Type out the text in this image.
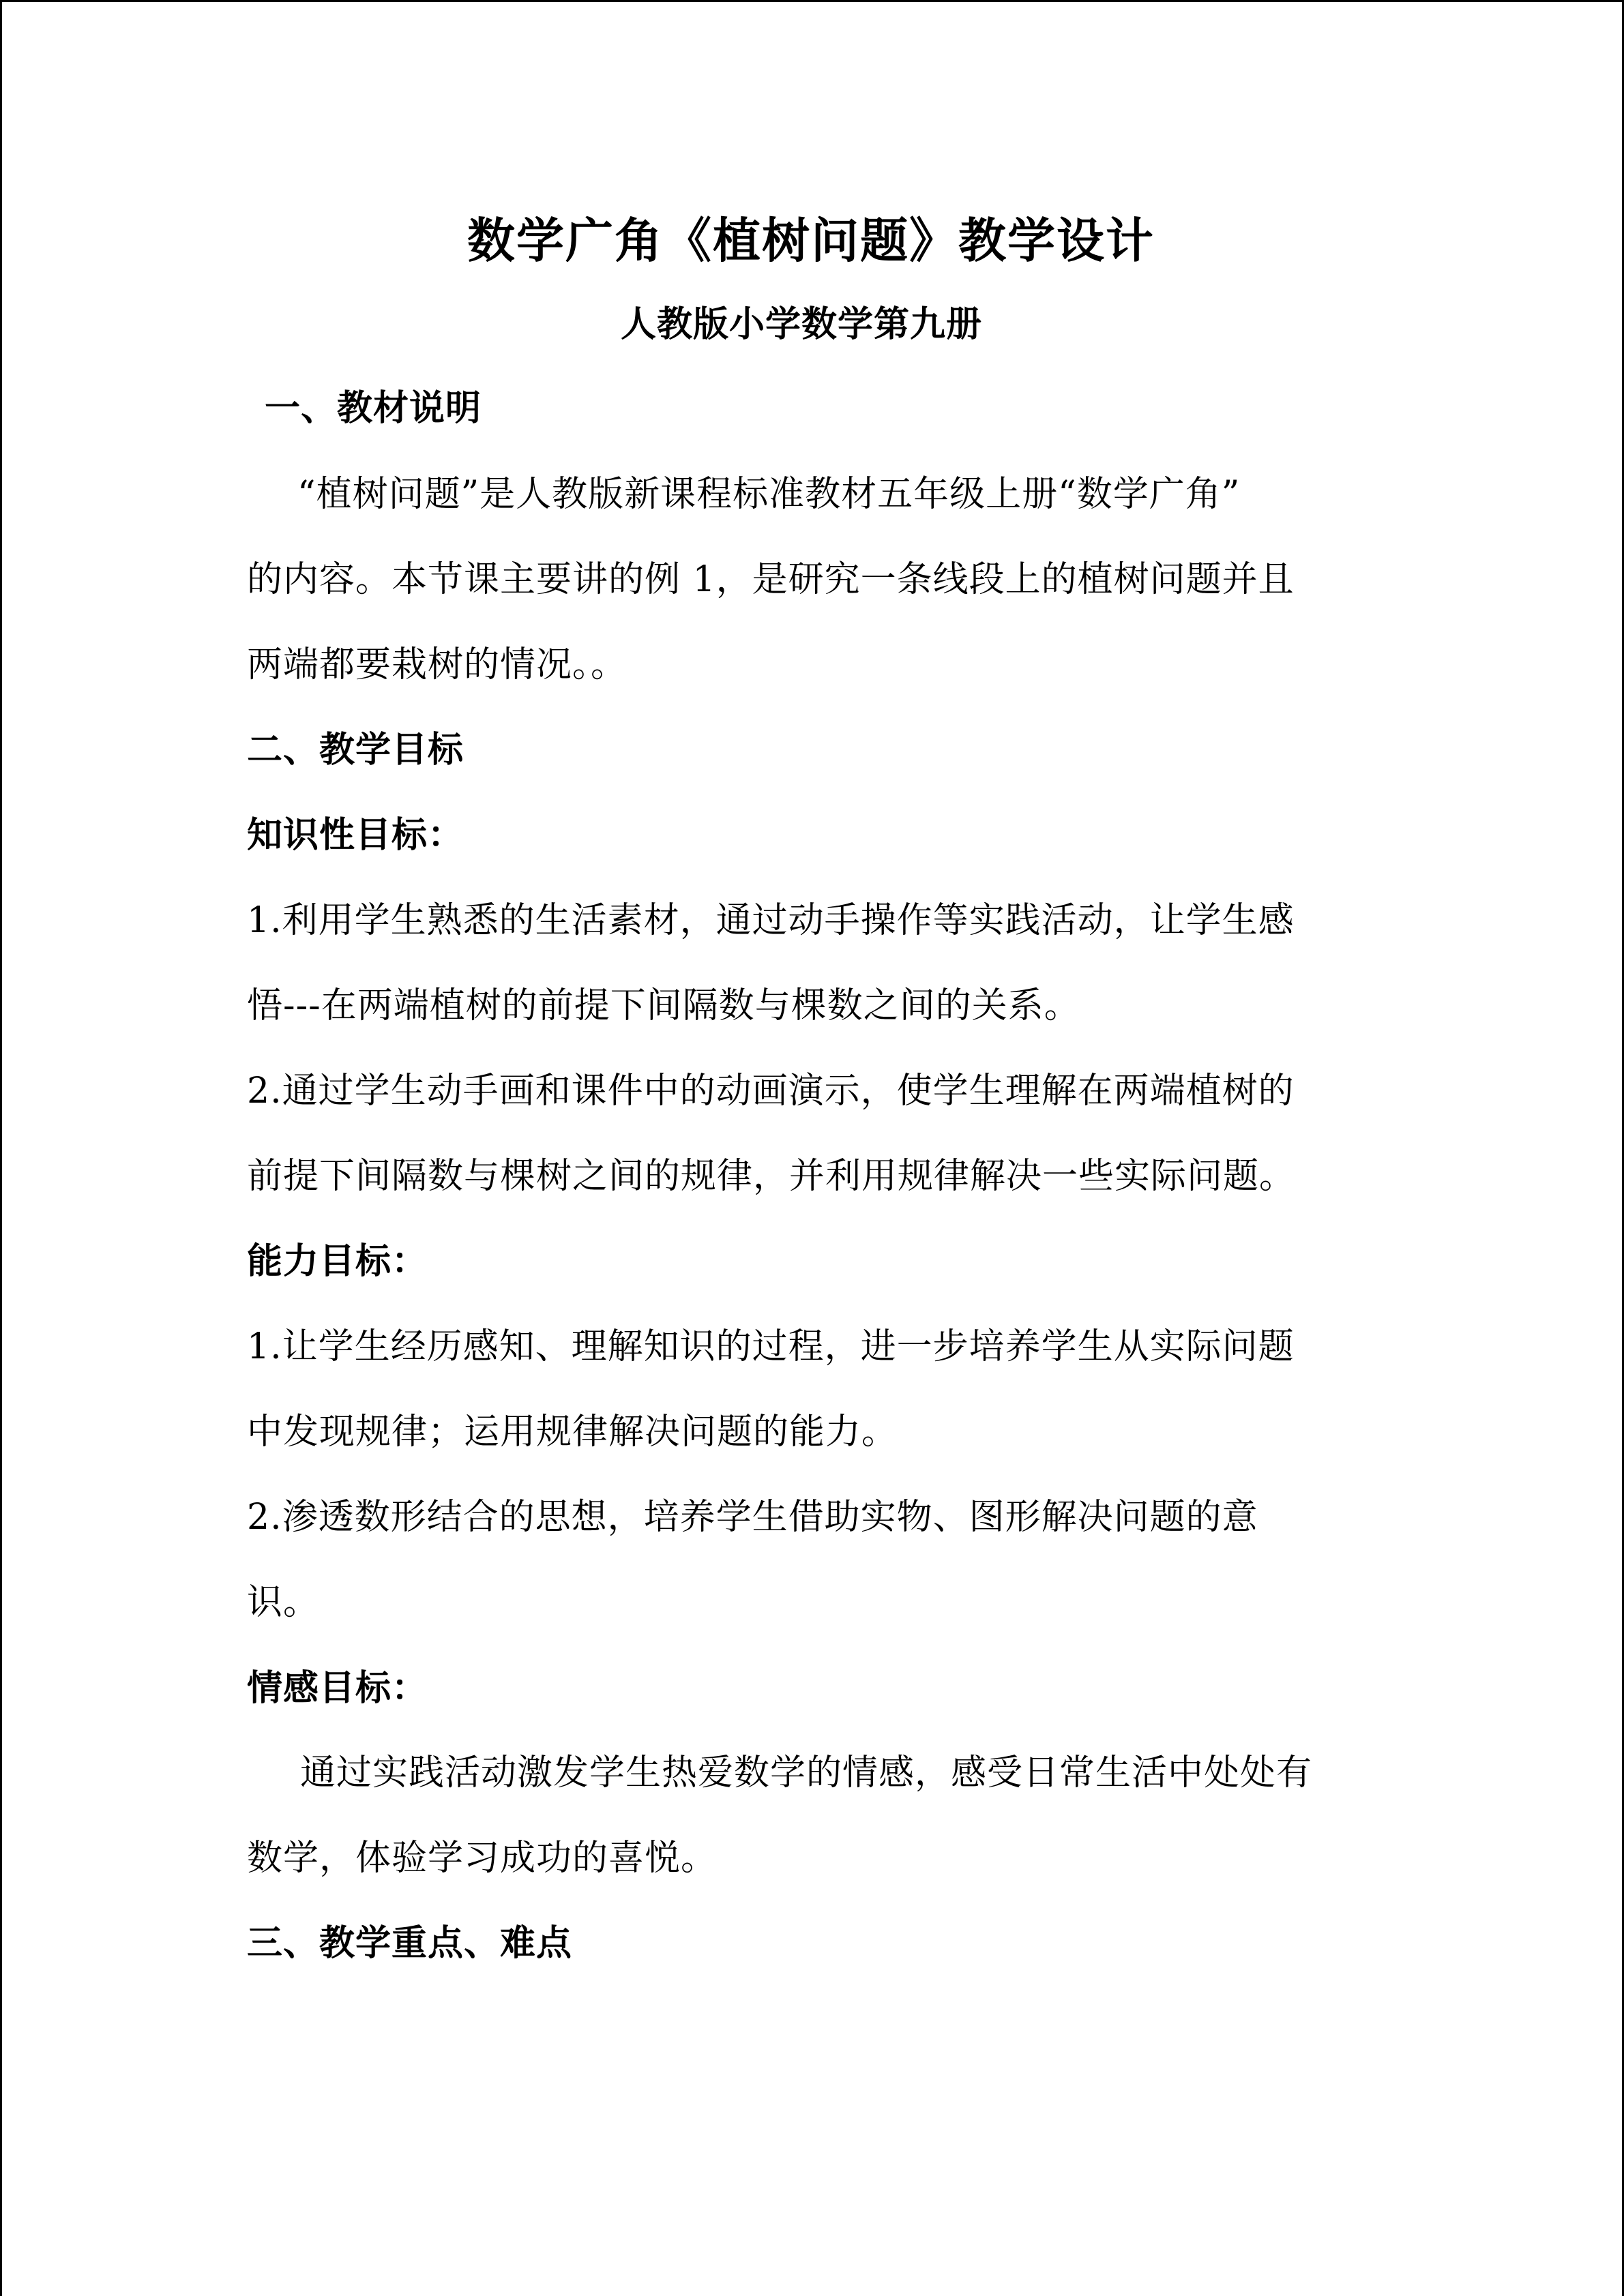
数学广角《植树问题》教学设计
人教版小学数学第九册
一、教材说明
“植树问题”是人教版新课程标准教材五年级上册“数学广角”
的内容。本节课主要讲的例 1，是研究一条线段上的植树问题并且
两端都要栽树的情况。。
二、教学目标
知识性目标：
1.利用学生熟悉的生活素材，通过动手操作等实践活动，让学生感
悟---在两端植树的前提下间隔数与棵数之间的关系。
2.通过学生动手画和课件中的动画演示，使学生理解在两端植树的
前提下间隔数与棵树之间的规律，并利用规律解决一些实际问题。
能力目标：
1.让学生经历感知、理解知识的过程，进一步培养学生从实际问题
中发现规律；运用规律解决问题的能力。
2.渗透数形结合的思想，培养学生借助实物、图形解决问题的意
识。
情感目标：
通过实践活动激发学生热爱数学的情感，感受日常生活中处处有
数学，体验学习成功的喜悦。
三、教学重点、难点
